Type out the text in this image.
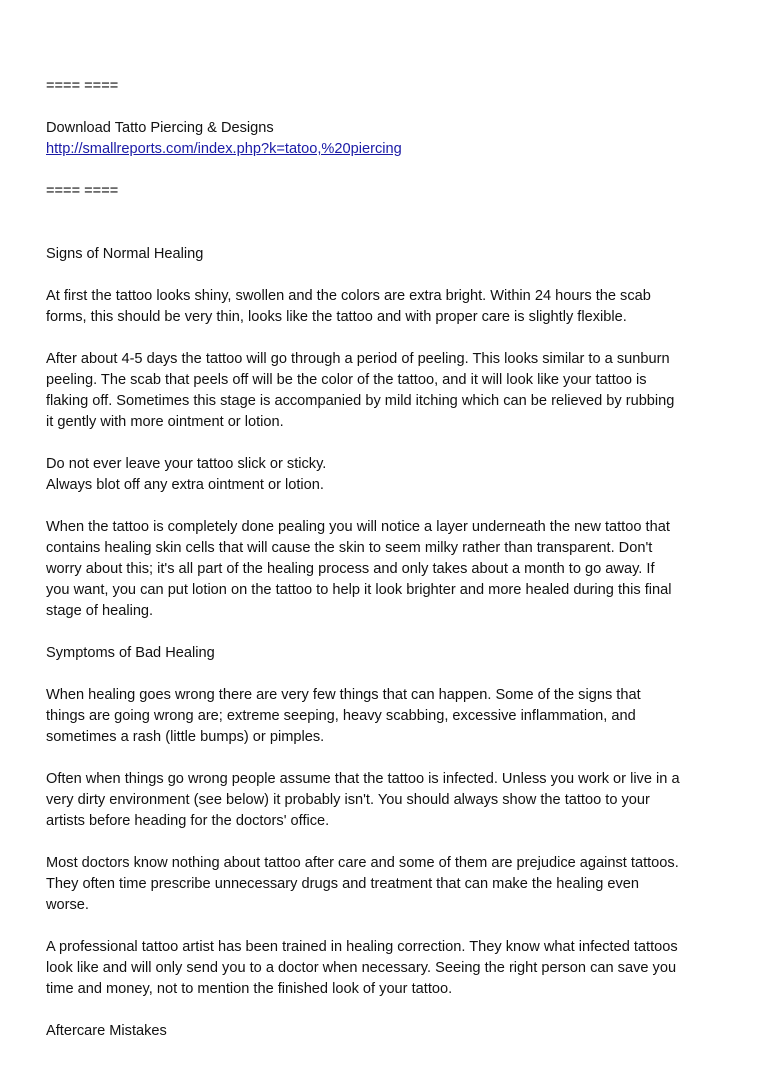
==== ====
Download Tatto Piercing & Designs
http://smallreports.com/index.php?k=tatoo,%20piercing
==== ====
Signs of Normal Healing
At first the tattoo looks shiny, swollen and the colors are extra bright. Within 24 hours the scab
forms, this should be very thin, looks like the tattoo and with proper care is slightly flexible.
After about 4-5 days the tattoo will go through a period of peeling. This looks similar to a sunburn
peeling. The scab that peels off will be the color of the tattoo, and it will look like your tattoo is
flaking off. Sometimes this stage is accompanied by mild itching which can be relieved by rubbing
it gently with more ointment or lotion.
Do not ever leave your tattoo slick or sticky.
Always blot off any extra ointment or lotion.
When the tattoo is completely done pealing you will notice a layer underneath the new tattoo that
contains healing skin cells that will cause the skin to seem milky rather than transparent. Don't
worry about this; it's all part of the healing process and only takes about a month to go away. If
you want, you can put lotion on the tattoo to help it look brighter and more healed during this final
stage of healing.
Symptoms of Bad Healing
When healing goes wrong there are very few things that can happen. Some of the signs that
things are going wrong are; extreme seeping, heavy scabbing, excessive inflammation, and
sometimes a rash (little bumps) or pimples.
Often when things go wrong people assume that the tattoo is infected. Unless you work or live in a
very dirty environment (see below) it probably isn't. You should always show the tattoo to your
artists before heading for the doctors' office.
Most doctors know nothing about tattoo after care and some of them are prejudice against tattoos.
They often time prescribe unnecessary drugs and treatment that can make the healing even
worse.
A professional tattoo artist has been trained in healing correction. They know what infected tattoos
look like and will only send you to a doctor when necessary. Seeing the right person can save you
time and money, not to mention the finished look of your tattoo.
Aftercare Mistakes
